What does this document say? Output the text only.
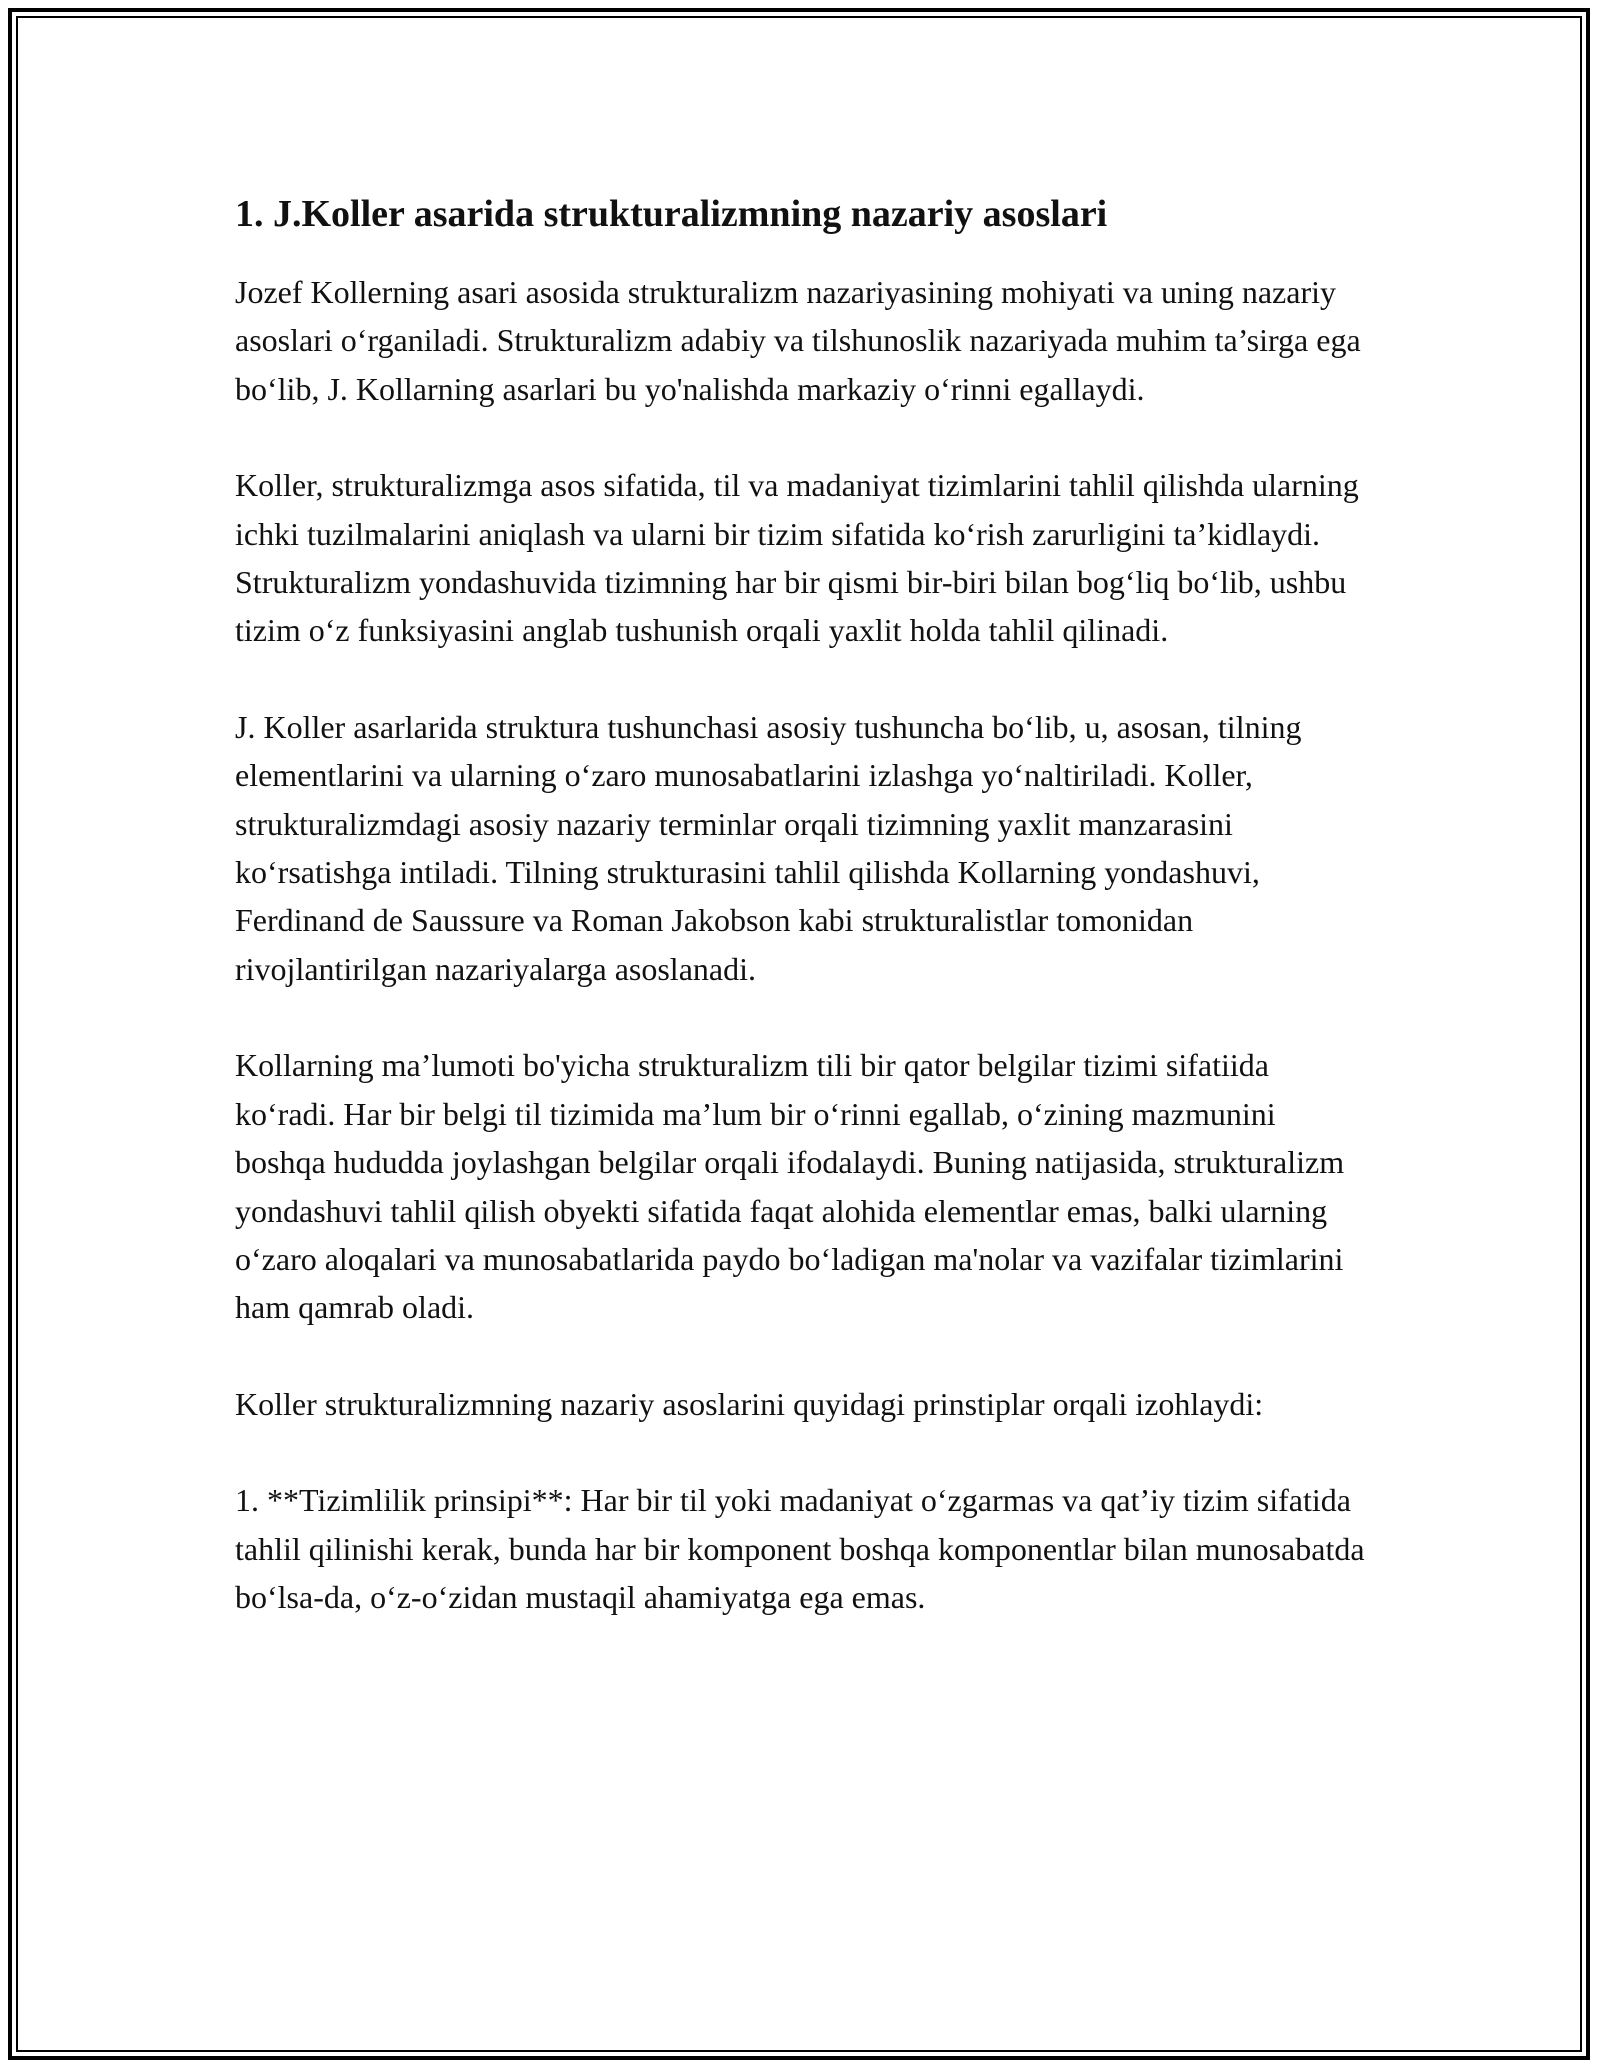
1. J.Koller asarida strukturalizmning nazariy asoslari

Jozef Kollerning asari asosida strukturalizm nazariyasining mohiyati va uning nazariy asoslari o‘rganiladi. Strukturalizm adabiy va tilshunoslik nazariyada muhim ta’sirga ega bo‘lib, J. Kollarning asarlari bu yo'nalishda markaziy o‘rinni egallaydi.

Koller, strukturalizmga asos sifatida, til va madaniyat tizimlarini tahlil qilishda ularning ichki tuzilmalarini aniqlash va ularni bir tizim sifatida ko‘rish zarurligini ta’kidlaydi. Strukturalizm yondashuvida tizimning har bir qismi bir-biri bilan bog‘liq bo‘lib, ushbu tizim o‘z funksiyasini anglab tushunish orqali yaxlit holda tahlil qilinadi.

J. Koller asarlarida struktura tushunchasi asosiy tushuncha bo‘lib, u, asosan, tilning elementlarini va ularning o‘zaro munosabatlarini izlashga yo‘naltiriladi. Koller, strukturalizmdagi asosiy nazariy terminlar orqali tizimning yaxlit manzarasini ko‘rsatishga intiladi. Tilning strukturasini tahlil qilishda Kollarning yondashuvi, Ferdinand de Saussure va Roman Jakobson kabi strukturalistlar tomonidan rivojlantirilgan nazariyalarga asoslanadi.

Kollarning ma’lumoti bo'yicha strukturalizm tili bir qator belgilar tizimi sifatiida ko‘radi. Har bir belgi til tizimida ma’lum bir o‘rinni egallab, o‘zining mazmunini boshqa hududda joylashgan belgilar orqali ifodalaydi. Buning natijasida, strukturalizm yondashuvi tahlil qilish obyekti sifatida faqat alohida elementlar emas, balki ularning o‘zaro aloqalari va munosabatlarida paydo bo‘ladigan ma'nolar va vazifalar tizimlarini ham qamrab oladi.

Koller strukturalizmning nazariy asoslarini quyidagi prinstiplar orqali izohlaydi:

1. **Tizimlilik prinsipi**: Har bir til yoki madaniyat o‘zgarmas va qat’iy tizim sifatida tahlil qilinishi kerak, bunda har bir komponent boshqa komponentlar bilan munosabatda bo‘lsa-da, o‘z-o‘zidan mustaqil ahamiyatga ega emas.
